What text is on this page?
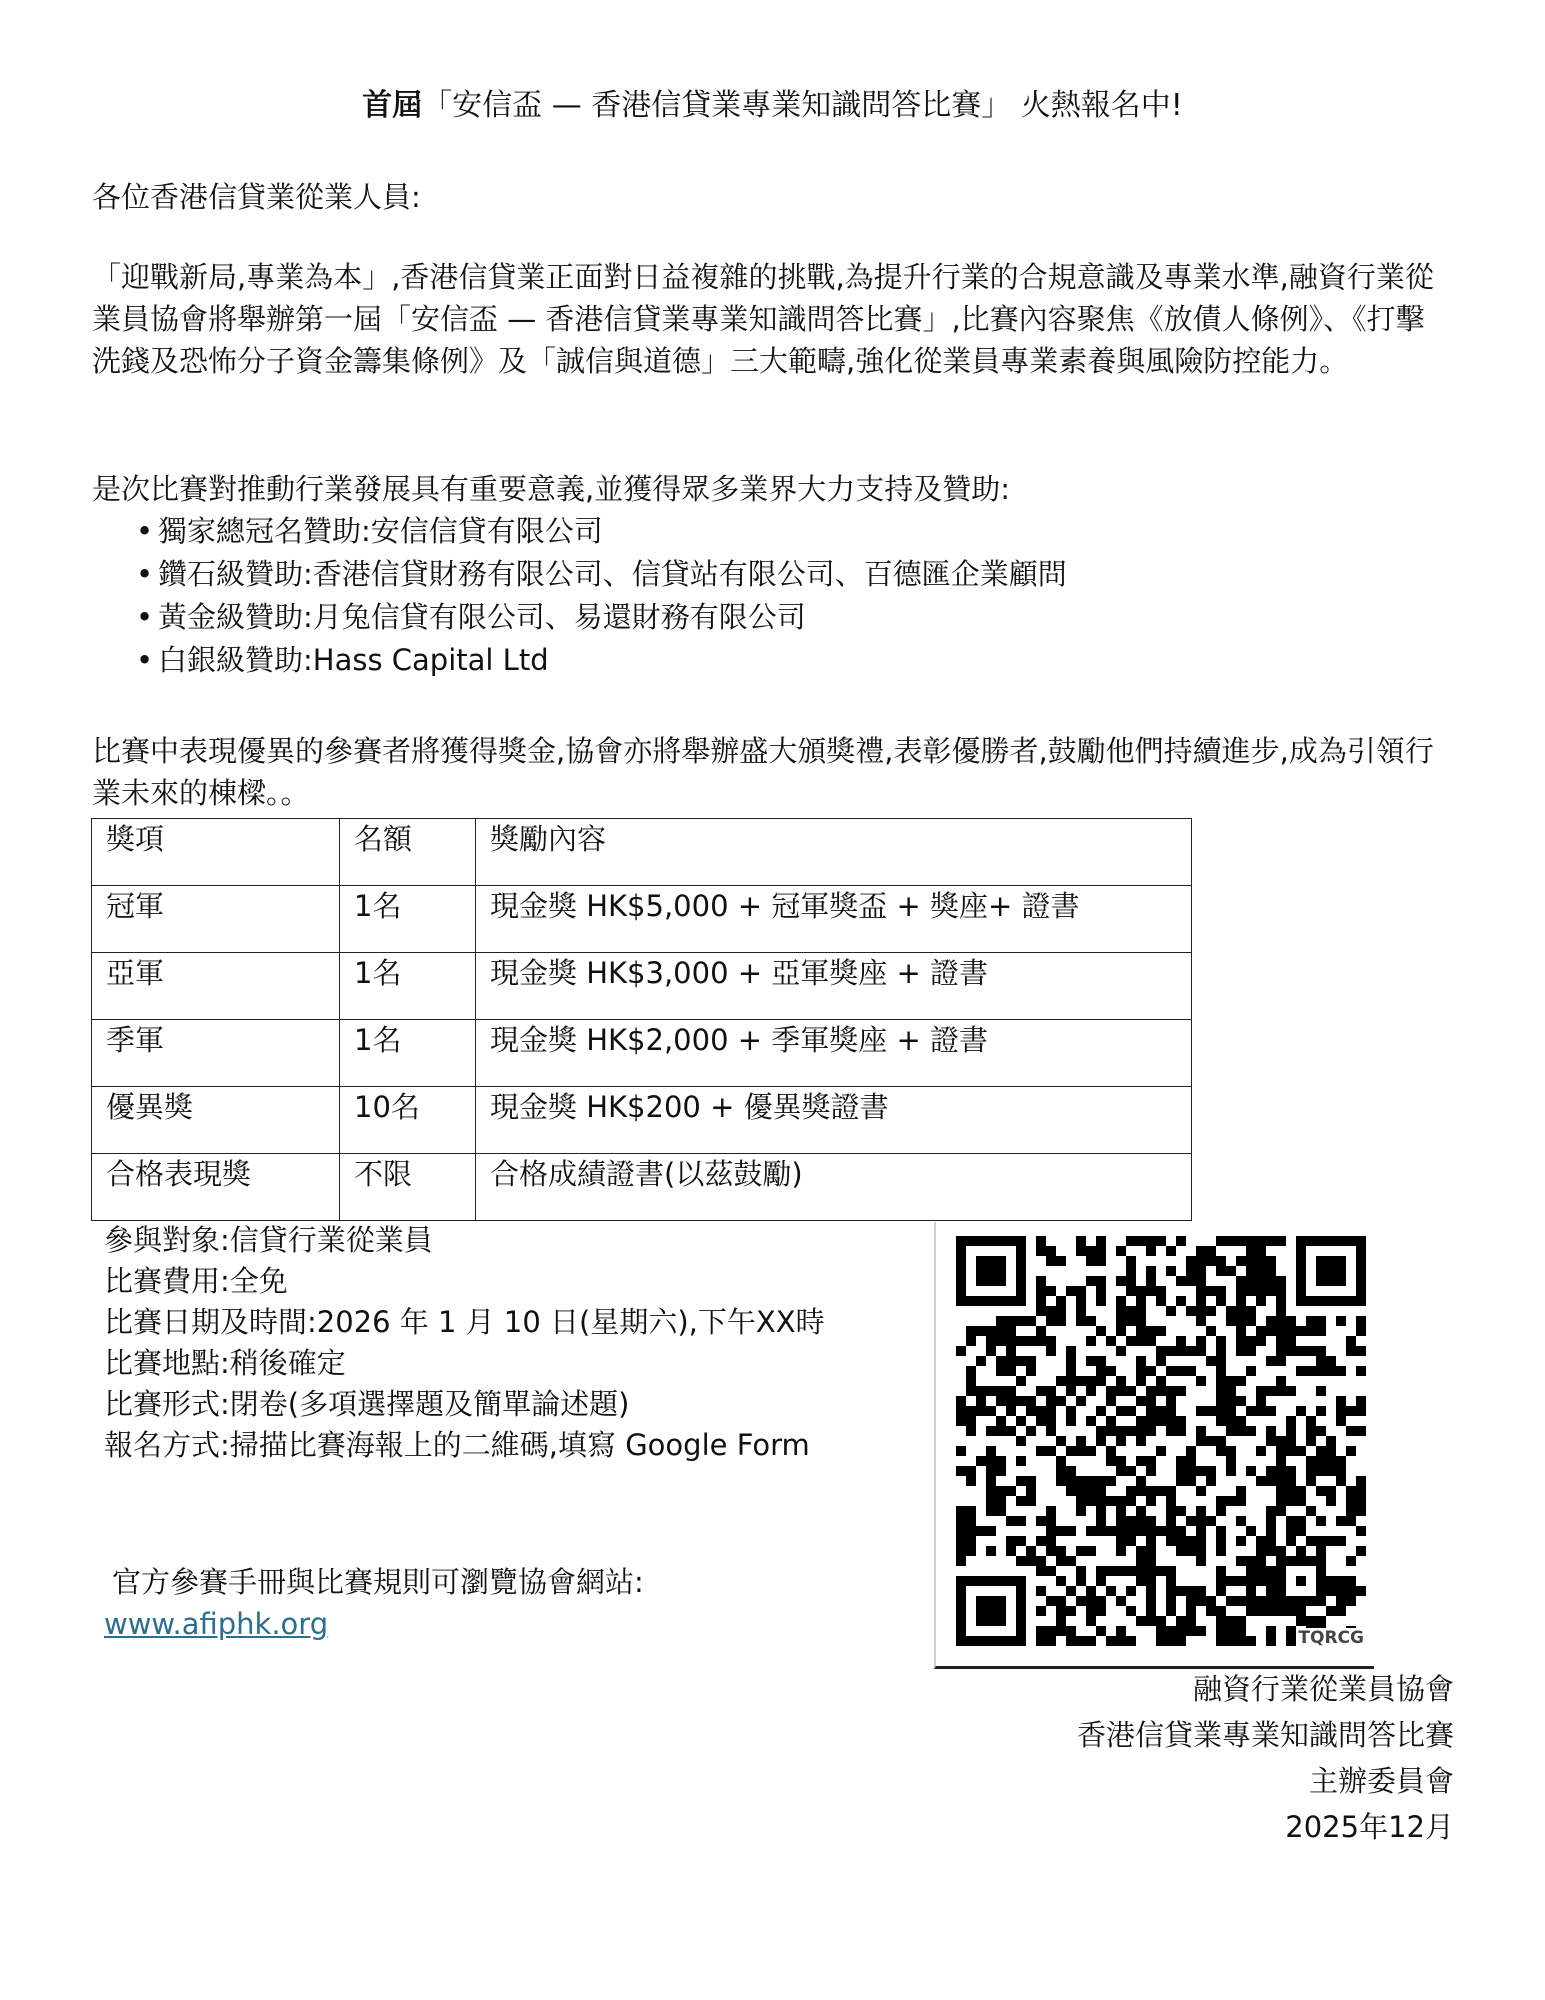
首屆「安信盃 — 香港信貸業專業知識問答比賽」 火熱報名中!

各位香港信貸業從業人員:

「迎戰新局,專業為本」,香港信貸業正面對日益複雜的挑戰,為提升行業的合規意識及專業水準,融資行業從業員協會將舉辦第一屆「安信盃 — 香港信貸業專業知識問答比賽」,比賽內容聚焦《放債人條例》、《打擊洗錢及恐怖分子資金籌集條例》及「誠信與道德」三大範疇,強化從業員專業素養與風險防控能力。

是次比賽對推動行業發展具有重要意義,並獲得眾多業界大力支持及贊助:

• 獨家總冠名贊助:安信信貸有限公司
• 鑽石級贊助:香港信貸財務有限公司、信貸站有限公司、百德匯企業顧問
• 黃金級贊助:月兔信貸有限公司、易還財務有限公司
• 白銀級贊助:Hass Capital Ltd

比賽中表現優異的參賽者將獲得獎金,協會亦將舉辦盛大頒獎禮,表彰優勝者,鼓勵他們持續進步,成為引領行業未來的棟樑。。

獎項	名額	獎勵內容
冠軍	1名	現金獎 HK$5,000 + 冠軍獎盃 + 獎座+ 證書
亞軍	1名	現金獎 HK$3,000 + 亞軍獎座 + 證書
季軍	1名	現金獎 HK$2,000 + 季軍獎座 + 證書
優異獎	10名	現金獎 HK$200 + 優異獎證書
合格表現獎	不限	合格成績證書(以茲鼓勵)
參與對象:信貸行業從業員
比賽費用:全免
比賽日期及時間:2026 年 1 月 10 日(星期六),下午XX時
比賽地點:稍後確定
比賽形式:閉卷(多項選擇題及簡單論述題)
報名方式:掃描比賽海報上的二維碼,填寫 Google Form
官方參賽手冊與比賽規則可瀏覽協會網站:
www.afiphk.org	TQRCG
融資行業從業員協會
香港信貸業專業知識問答比賽
主辦委員會
2025年12月
